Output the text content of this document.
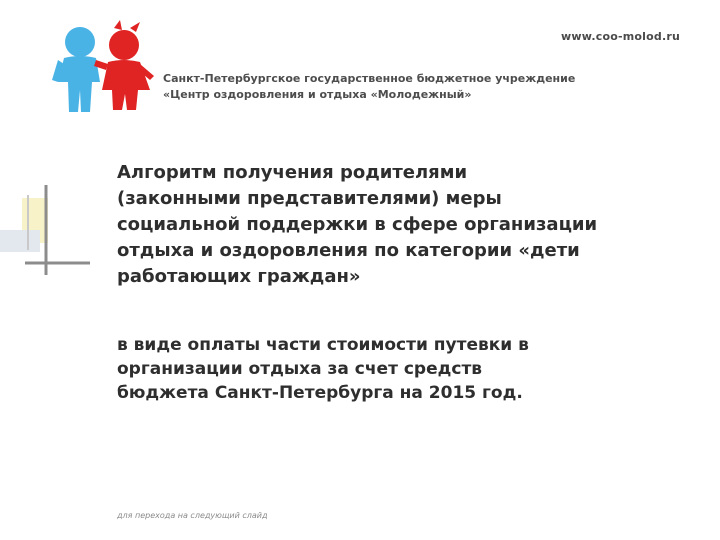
www.coo-molod.ru
Санкт-Петербургское государственное бюджетное учреждение
«Центр оздоровления и отдыха «Молодежный»
Алгоритм получения родителями
(законными представителями) меры
социальной поддержки в сфере организации
отдыха и оздоровления по категории «дети
работающих граждан»
в виде оплаты части стоимости путевки в
организации отдыха за счет средств
бюджета Санкт-Петербурга на 2015 год.
для перехода на следующий слайд
